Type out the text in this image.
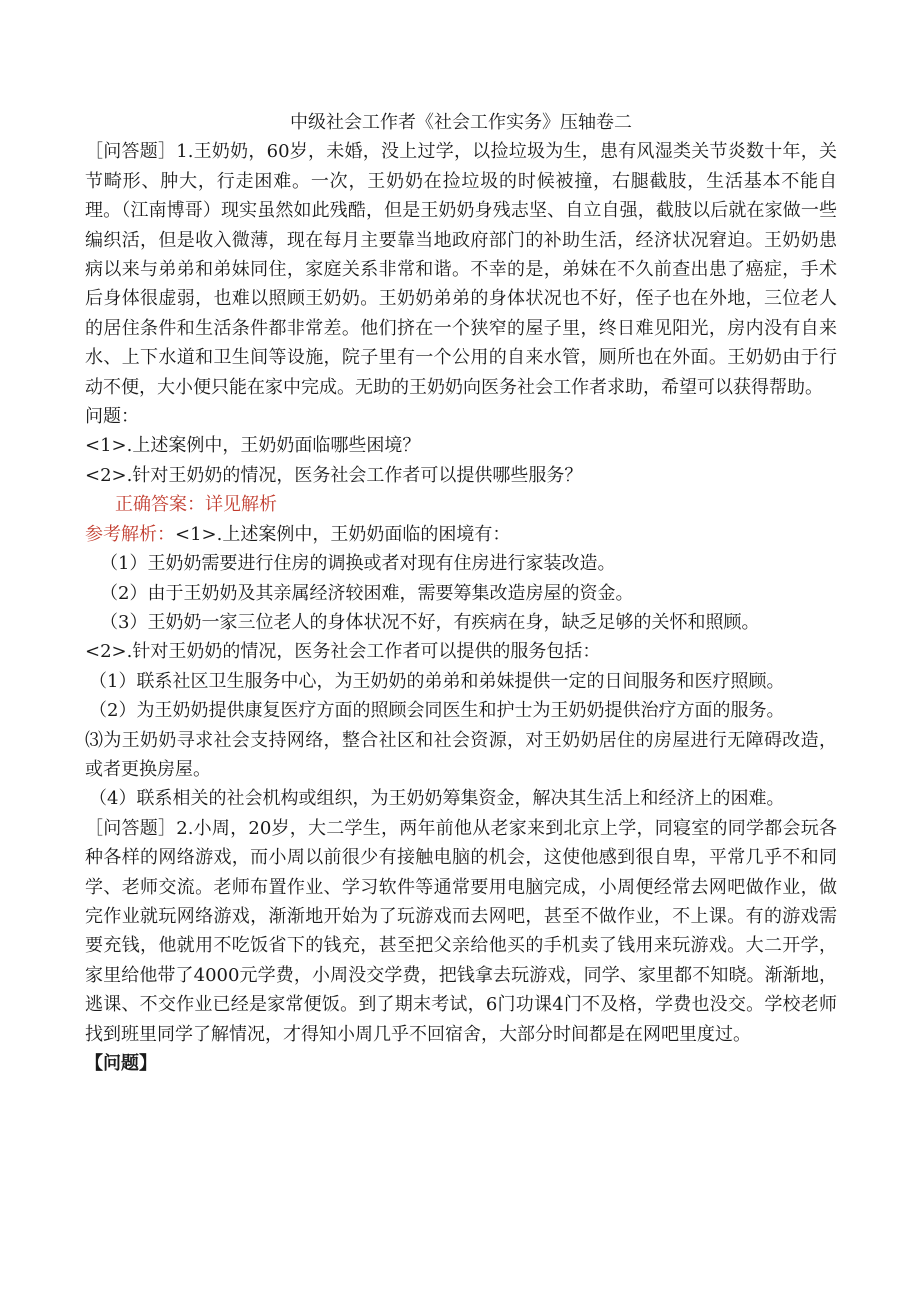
中级社会工作者《社会工作实务》压轴卷二

［问答题］1.王奶奶，60岁，未婚，没上过学，以捡垃圾为生，患有风湿类关节炎数十年，关节畸形、肿大，行走困难。一次，王奶奶在捡垃圾的时候被撞，右腿截肢，生活基本不能自理。（江南博哥）现实虽然如此残酷，但是王奶奶身残志坚、自立自强，截肢以后就在家做一些编织活，但是收入微薄，现在每月主要靠当地政府部门的补助生活，经济状况窘迫。王奶奶患病以来与弟弟和弟妹同住，家庭关系非常和谐。不幸的是，弟妹在不久前查出患了癌症，手术后身体很虚弱，也难以照顾王奶奶。王奶奶弟弟的身体状况也不好，侄子也在外地，三位老人的居住条件和生活条件都非常差。他们挤在一个狭窄的屋子里，终日难见阳光，房内没有自来水、上下水道和卫生间等设施，院子里有一个公用的自来水管，厕所也在外面。王奶奶由于行动不便，大小便只能在家中完成。无助的王奶奶向医务社会工作者求助，希望可以获得帮助。

问题：

<1>.上述案例中，王奶奶面临哪些困境？

<2>.针对王奶奶的情况，医务社会工作者可以提供哪些服务？

正确答案：详见解析

参考解析：<1>.上述案例中，王奶奶面临的困境有：

（1）王奶奶需要进行住房的调换或者对现有住房进行家装改造。

（2）由于王奶奶及其亲属经济较困难，需要筹集改造房屋的资金。

（3）王奶奶一家三位老人的身体状况不好，有疾病在身，缺乏足够的关怀和照顾。

<2>.针对王奶奶的情况，医务社会工作者可以提供的服务包括：

（1）联系社区卫生服务中心，为王奶奶的弟弟和弟妹提供一定的日间服务和医疗照顾。

（2）为王奶奶提供康复医疗方面的照顾会同医生和护士为王奶奶提供治疗方面的服务。

⑶为王奶奶寻求社会支持网络，整合社区和社会资源，对王奶奶居住的房屋进行无障碍改造，或者更换房屋。

（4）联系相关的社会机构或组织，为王奶奶筹集资金，解决其生活上和经济上的困难。

［问答题］2.小周，20岁，大二学生，两年前他从老家来到北京上学，同寝室的同学都会玩各种各样的网络游戏，而小周以前很少有接触电脑的机会，这使他感到很自卑，平常几乎不和同学、老师交流。老师布置作业、学习软件等通常要用电脑完成，小周便经常去网吧做作业，做完作业就玩网络游戏，渐渐地开始为了玩游戏而去网吧，甚至不做作业，不上课。有的游戏需要充钱，他就用不吃饭省下的钱充，甚至把父亲给他买的手机卖了钱用来玩游戏。大二开学，家里给他带了4000元学费，小周没交学费，把钱拿去玩游戏，同学、家里都不知晓。渐渐地，逃课、不交作业已经是家常便饭。到了期末考试，6门功课4门不及格，学费也没交。学校老师找到班里同学了解情况，才得知小周几乎不回宿舍，大部分时间都是在网吧里度过。

【问题】
